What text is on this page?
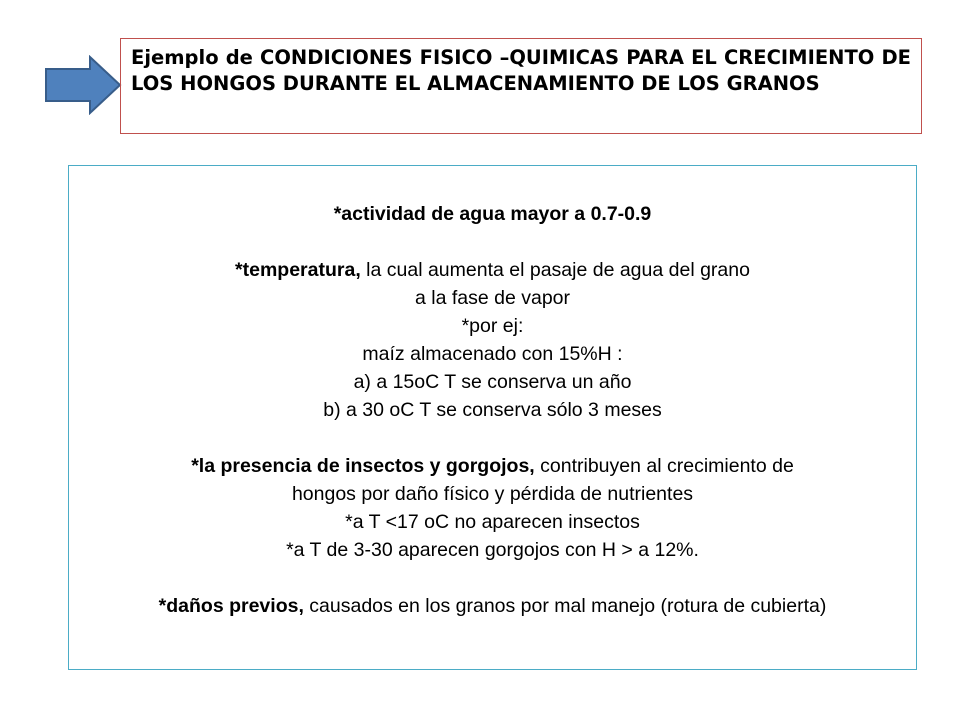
Ejemplo de CONDICIONES FISICO –QUIMICAS PARA EL CRECIMIENTO DE LOS HONGOS DURANTE EL ALMACENAMIENTO DE LOS GRANOS
*actividad de agua mayor a 0.7-0.9
*temperatura, la cual aumenta el pasaje de agua del grano
a la fase de vapor
*por ej:
maíz almacenado con 15%H :
a) a 15oC T se conserva un año
b) a 30 oC T se conserva sólo 3 meses
*la presencia de insectos y gorgojos, contribuyen al crecimiento de
hongos por daño físico y pérdida de nutrientes
*a T <17 oC no aparecen insectos
*a T de 3-30 aparecen gorgojos con H > a 12%.
*daños previos, causados en los granos por mal manejo (rotura de cubierta)
